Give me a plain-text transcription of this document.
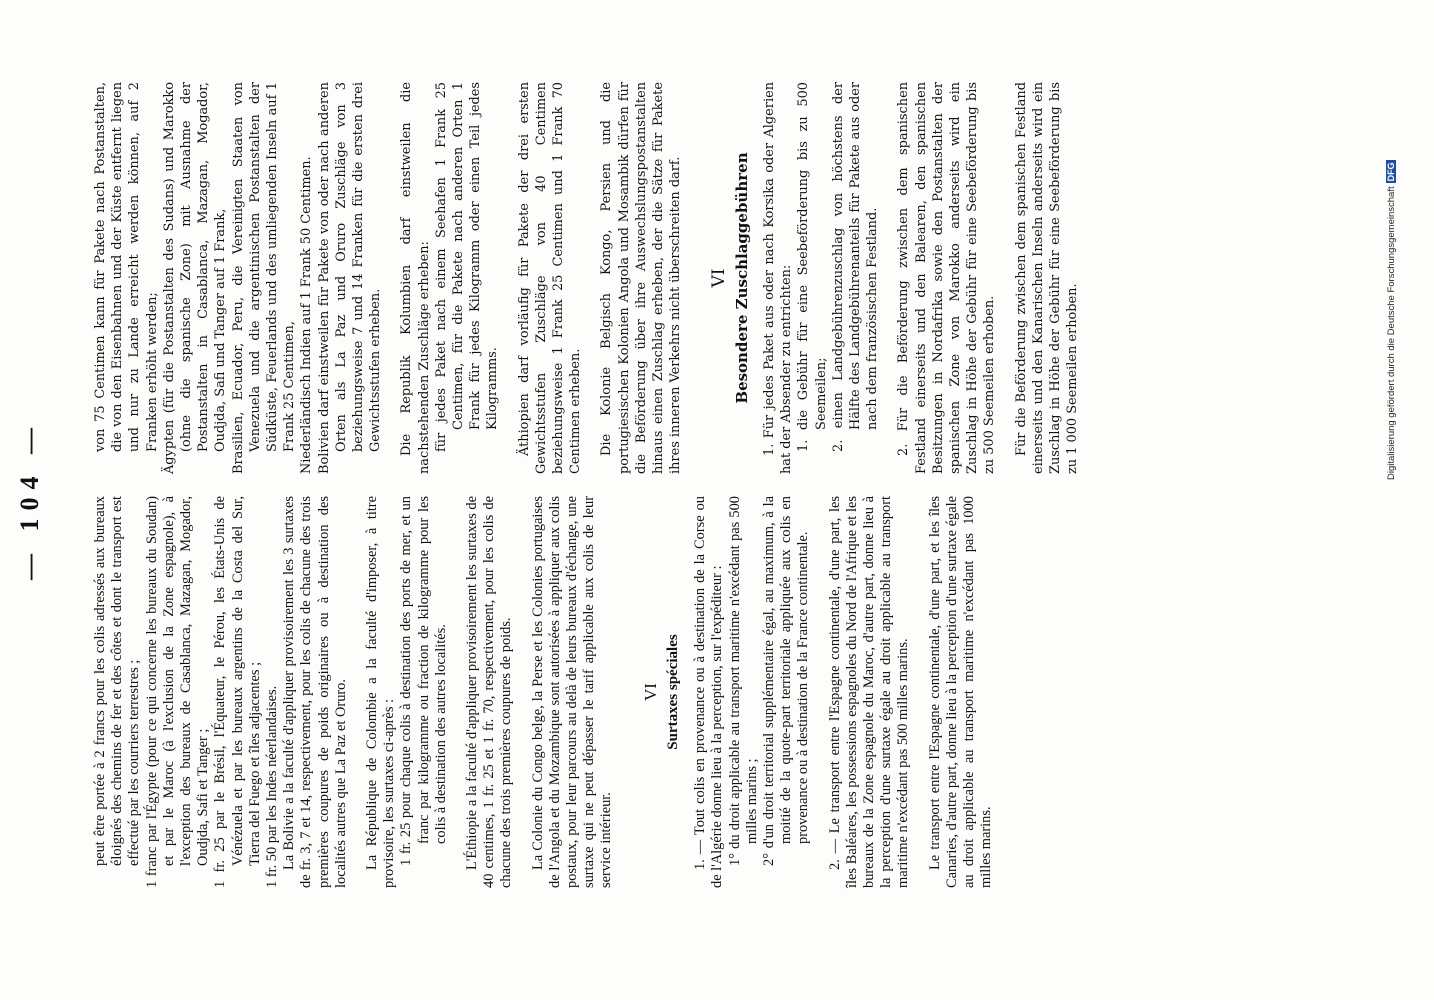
— 104 —	peut être portée à 2 francs pour les colis adressés aux bureaux éloignés des chemins de fer et des côtes et dont le transport est effectué par les courriers terrestres ; 1 franc par l'Égypte (pour ce qui concerne les bureaux du Soudan) et par le Maroc (à l'exclusion de la Zone espagnole), à l'exception des bureaux de Casablanca, Mazagan, Mogador, Oudjda, Safi et Tanger ; 1 fr. 25 par le Brésil, l'Équateur, le Pérou, les États-Unis de Vénézuela et par les bureaux argentins de la Costa del Sur, Tierra del Fuego et îles adjacentes ; 1 fr. 50 par les Indes néerlandaises. La Bolivie a la faculté d'appliquer provisoirement les 3 surtaxes de fr. 3, 7 et 14, respectivement, pour les colis de chacune des trois premières coupures de poids originaires ou à destination des localités autres que La Paz et Oruro. La République de Colombie a la faculté d'imposer, à titre provisoire, les surtaxes ci-après : 1 fr. 25 pour chaque colis à destination des ports de mer, et un franc par kilogramme ou fraction de kilogramme pour les colis à destination des autres localités. L'Éthiopie a la faculté d'appliquer provisoirement les surtaxes de 40 centimes, 1 fr. 25 et 1 fr. 70, respectivement, pour les colis de chacune des trois premières coupures de poids. La Colonie du Congo belge, la Perse et les Colonies portugaises de l'Angola et du Mozambique sont autorisées à appliquer aux colis postaux, pour leur parcours au delà de leurs bureaux d'échange, une surtaxe qui ne peut dépasser le tarif applicable aux colis de leur service intérieur.

VI Surtaxes spéciales 1. — Tout colis en provenance ou à destination de la Corse ou de l'Algérie donne lieu à la perception, sur l'expéditeur : 1° du droit applicable au transport maritime n'excédant pas 500 milles marins ; 2° d'un droit territorial supplémentaire égal, au maximum, à la moitié de la quote-part territoriale appliquée aux colis en provenance ou à destination de la France continentale. 2. — Le transport entre l'Espagne continentale, d'une part, les îles Baléares, les possessions espagnoles du Nord de l'Afrique et les bureaux de la Zone espagnole du Maroc, d'autre part, donne lieu à la perception d'une surtaxe égale au droit applicable au transport maritime n'excédant pas 500 milles marins. Le transport entre l'Espagne continentale, d'une part, et les îles Canaries, d'autre part, donne lieu à la perception d'une surtaxe égale au droit applicable au transport maritime n'excédant pas 1000 milles marins.

von 75 Centimen kann für Pakete nach Postanstalten, die von den Eisenbahnen und der Küste entfernt liegen und nur zu Lande erreicht werden können, auf 2 Franken erhöht werden; Ägypten (für die Postanstalten des Sudans) und Marokko (ohne die spanische Zone) mit Ausnahme der Postanstalten in Casablanca, Mazagan, Mogador, Oudjda, Safi und Tanger auf 1 Frank, Brasilien, Ecuador, Peru, die Vereinigten Staaten von Venezuela und die argentinischen Postanstalten der Südküste, Feuerlands und des umliegenden Inseln auf 1 Frank 25 Centimen, Niederländisch Indien auf 1 Frank 50 Centimen. Bolivien darf einstweilen für Pakete von oder nach anderen Orten als La Paz und Oruro Zuschläge von 3 beziehungsweise 7 und 14 Franken für die ersten drei Gewichtsstufen erheben. Die Republik Kolumbien darf einstweilen die nachstehenden Zuschläge erheben: für jedes Paket nach einem Seehafen 1 Frank 25 Centimen, für die Pakete nach anderen Orten 1 Frank für jedes Kilogramm oder einen Teil jedes Kilogramms. Äthiopien darf vorläufig für Pakete der drei ersten Gewichtsstufen Zuschläge von 40 Centimen beziehungsweise 1 Frank 25 Centimen und 1 Frank 70 Centimen erheben. Die Kolonie Belgisch Kongo, Persien und die portugiesischen Kolonien Angola und Mosambik dürfen für die Beförderung über ihre Auswechslungspostanstalten hinaus einen Zuschlag erheben, der die Sätze für Pakete ihres inneren Verkehrs nicht überschreiten darf. VI Besondere Zuschlaggebühren 1. Für jedes Paket aus oder nach Korsika oder Algerien hat der Absender zu entrichten: 1. die Gebühr für eine Seebeförderung bis zu 500 Seemeilen; 2. einen Landgebührenzuschlag von höchstens der Hälfte des Landgebührenanteils für Pakete aus oder nach dem französischen Festland. 2. Für die Beförderung zwischen dem spanischen Festland einerseits und den Balearen, den spanischen Besitzungen in Nordafrika sowie den Postanstalten der spanischen Zone von Marokko anderseits wird ein Zuschlag in Höhe der Gebühr für eine Seebeförderung bis zu 500 Seemeilen erhoben. Für die Beförderung zwischen dem spanischen Festland einerseits und den Kanarischen Inseln anderseits wird ein Zuschlag in Höhe der Gebühr für eine Seebeförderung bis zu 1 000 Seemeilen erhoben.	Digitalisierung gefördert durch die Deutsche ForschungsgemeinschaftDFG
